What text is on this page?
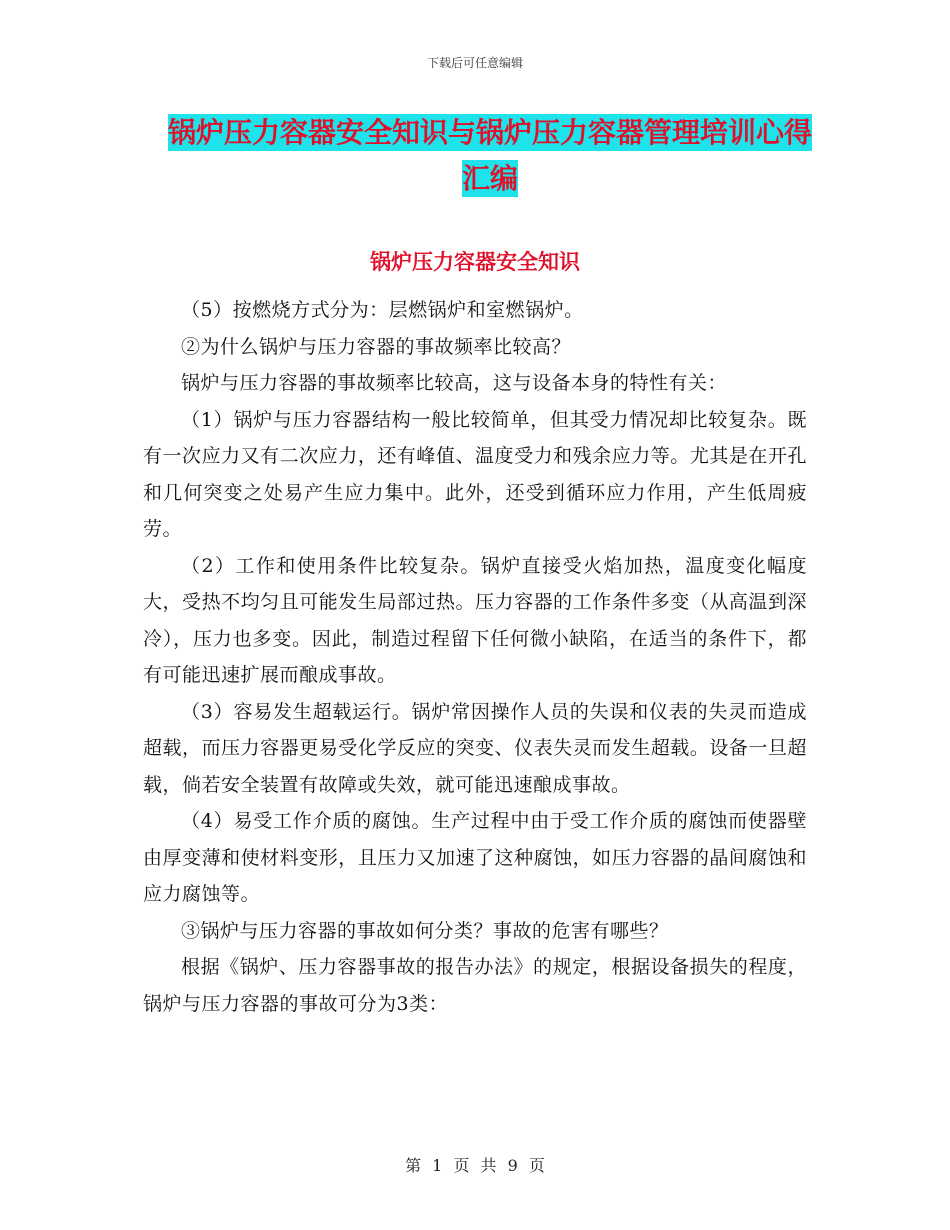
下载后可任意编辑
锅炉压力容器安全知识与锅炉压力容器管理培训心得
汇编
锅炉压力容器安全知识

（5）按燃烧方式分为：层燃锅炉和室燃锅炉。

②为什么锅炉与压力容器的事故频率比较高？

锅炉与压力容器的事故频率比较高，这与设备本身的特性有关：

（1）锅炉与压力容器结构一般比较简单，但其受力情况却比较复杂。既有一次应力又有二次应力，还有峰值、温度受力和残余应力等。尤其是在开孔和几何突变之处易产生应力集中。此外，还受到循环应力作用，产生低周疲劳。

（2）工作和使用条件比较复杂。锅炉直接受火焰加热，温度变化幅度大，受热不均匀且可能发生局部过热。压力容器的工作条件多变（从高温到深冷），压力也多变。因此，制造过程留下任何微小缺陷，在适当的条件下，都有可能迅速扩展而酿成事故。

（3）容易发生超载运行。锅炉常因操作人员的失误和仪表的失灵而造成超载，而压力容器更易受化学反应的突变、仪表失灵而发生超载。设备一旦超载，倘若安全装置有故障或失效，就可能迅速酿成事故。

（4）易受工作介质的腐蚀。生产过程中由于受工作介质的腐蚀而使器壁由厚变薄和使材料变形，且压力又加速了这种腐蚀，如压力容器的晶间腐蚀和应力腐蚀等。

③锅炉与压力容器的事故如何分类？事故的危害有哪些？

根据《锅炉、压力容器事故的报告办法》的规定，根据设备损失的程度，锅炉与压力容器的事故可分为3类：

第 1 页 共 9 页
